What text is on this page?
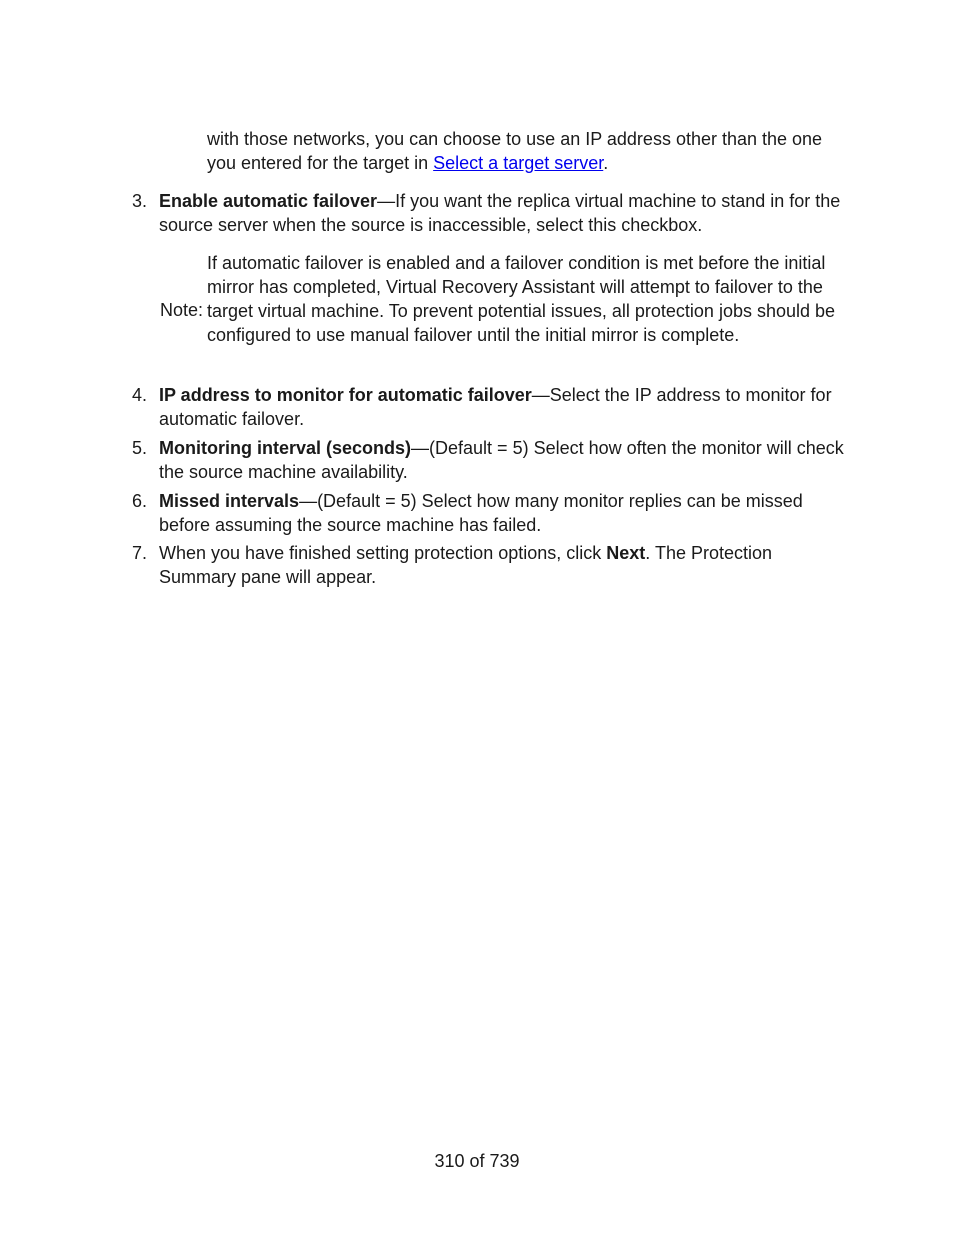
with those networks, you can choose to use an IP address other than the one you entered for the target in Select a target server.

3. Enable automatic failover—If you want the replica virtual machine to stand in for the source server when the source is inaccessible, select this checkbox.
Note:
If automatic failover is enabled and a failover condition is met before the initial mirror has completed, Virtual Recovery Assistant will attempt to failover to the target virtual machine. To prevent potential issues, all protection jobs should be configured to use manual failover until the initial mirror is complete.
4. IP address to monitor for automatic failover—Select the IP address to monitor for automatic failover.
5. Monitoring interval (seconds)—(Default = 5) Select how often the monitor will check the source machine availability.
6. Missed intervals—(Default = 5) Select how many monitor replies can be missed before assuming the source machine has failed.
7. When you have finished setting protection options, click Next. The Protection Summary pane will appear.
310 of 739
